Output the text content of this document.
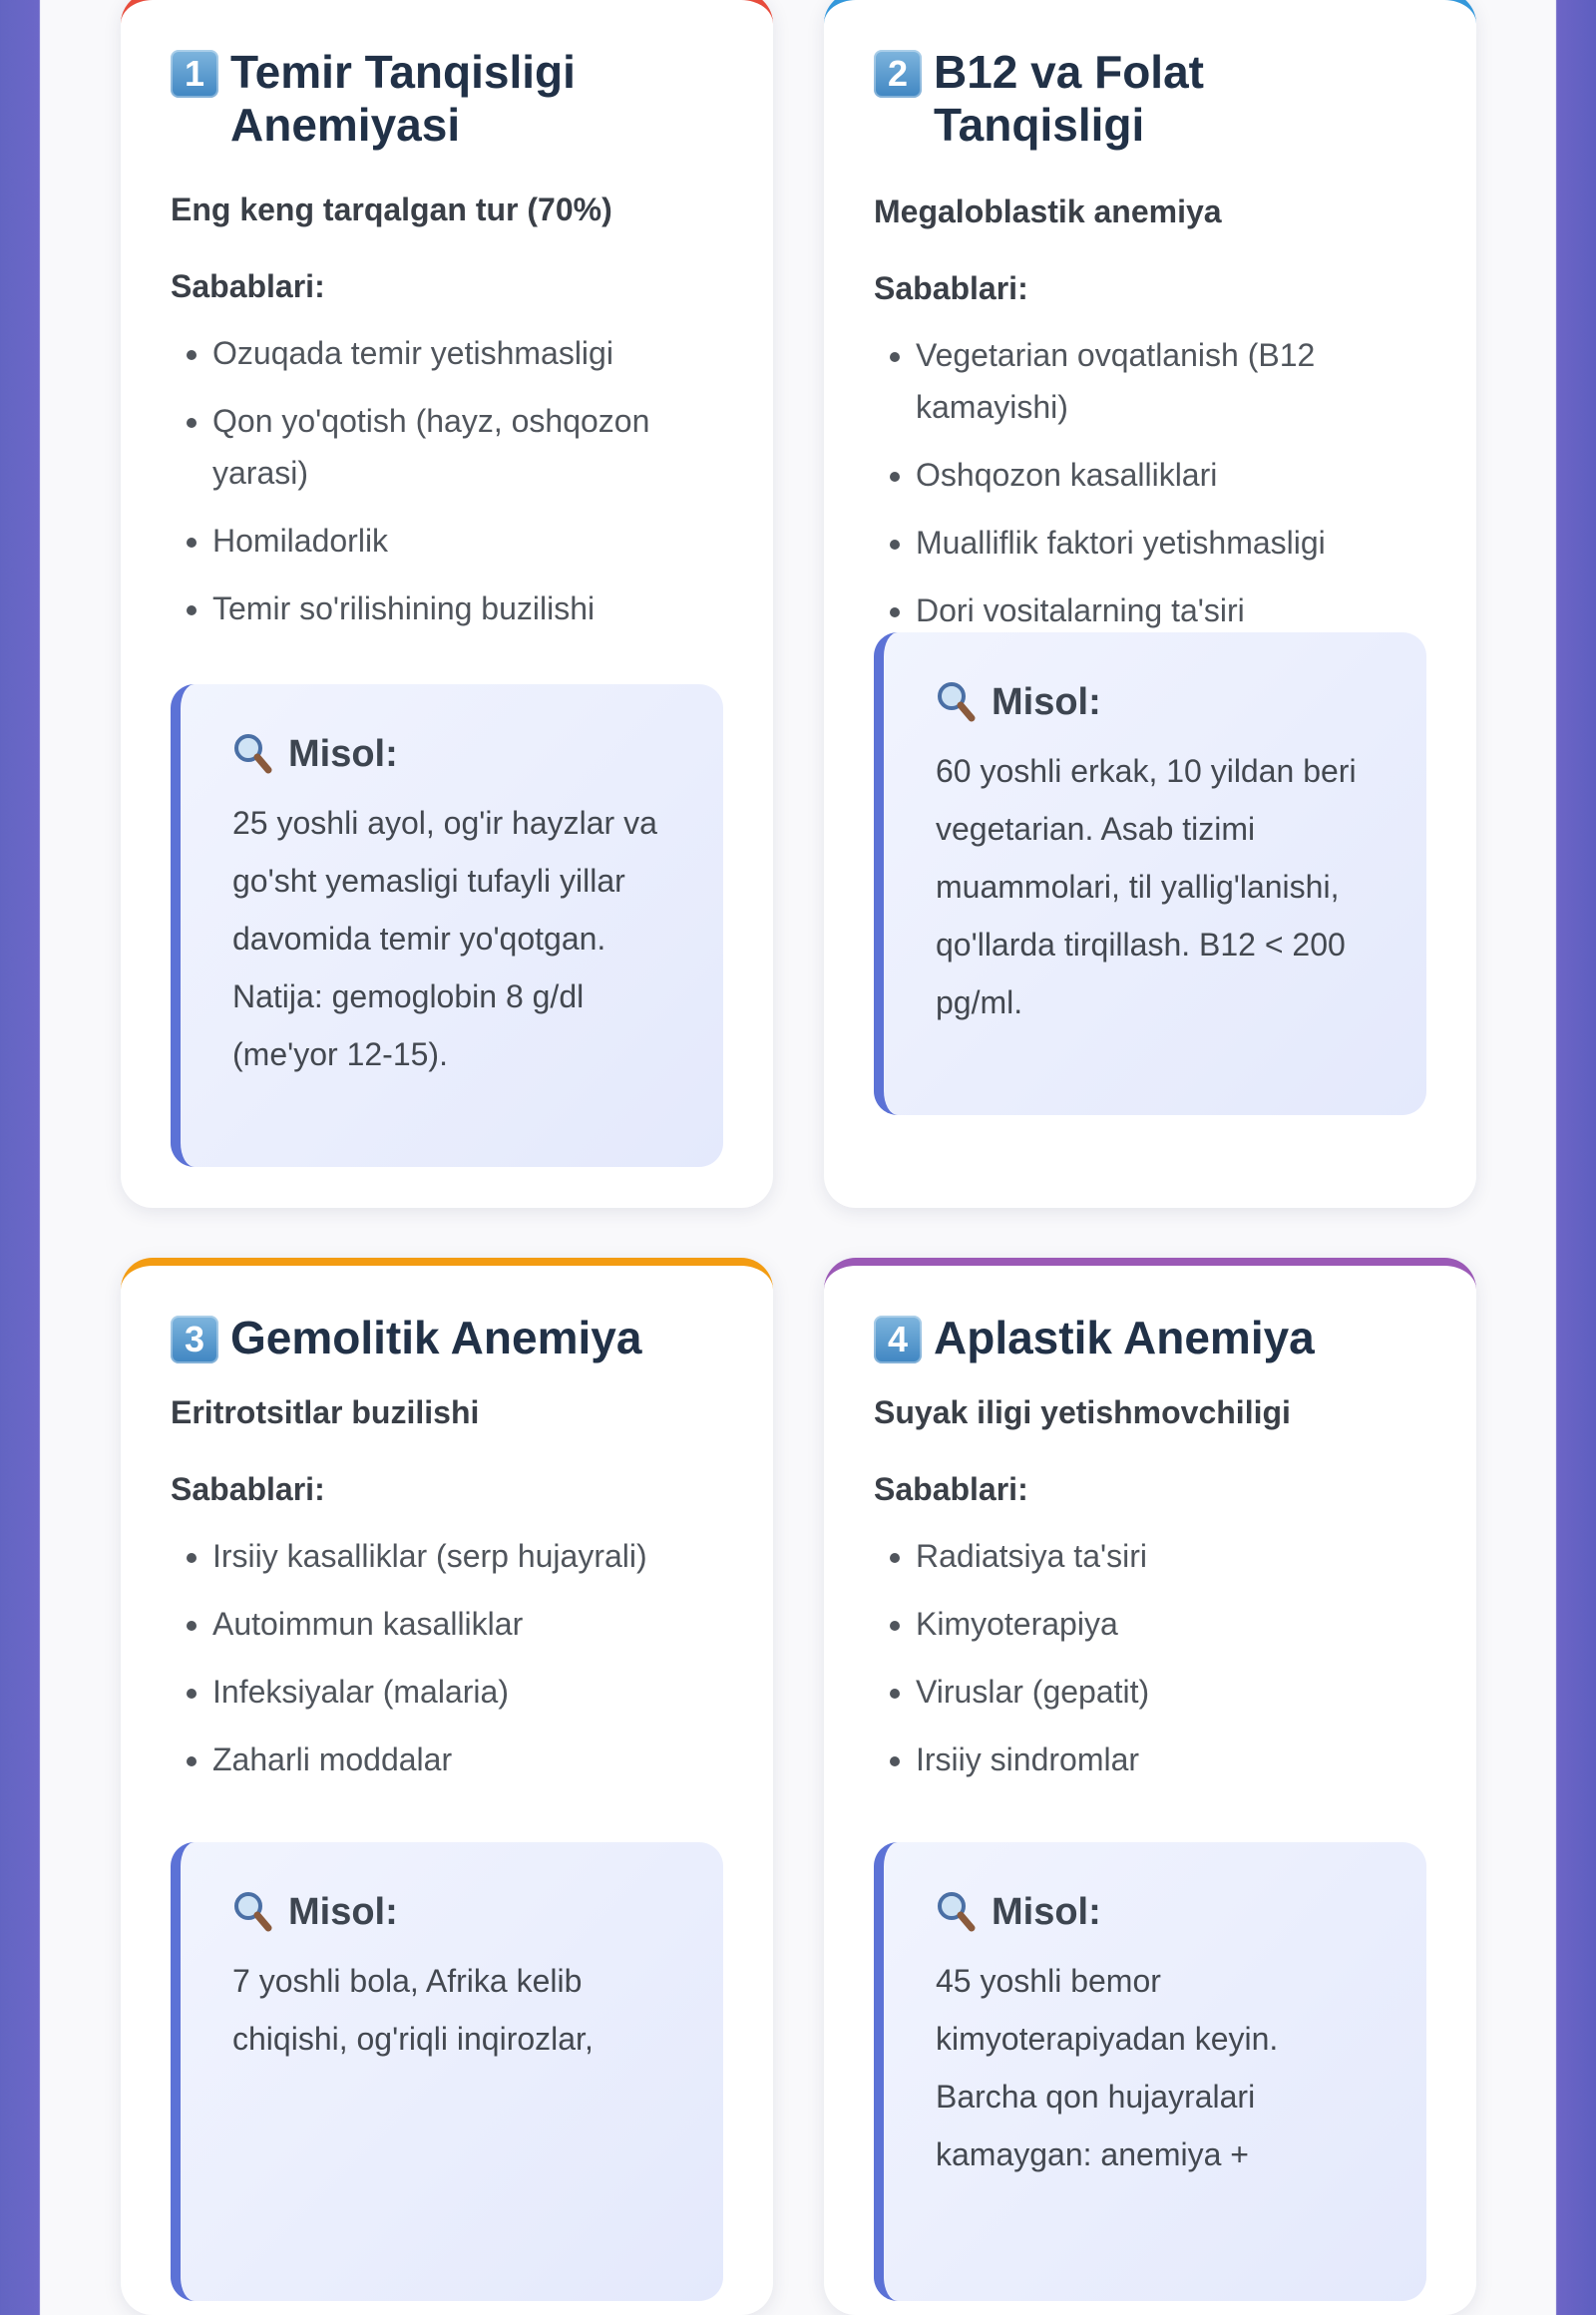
1 Temir Tanqisligi Anemiyasi
Eng keng tarqalgan tur (70%)
Sabablari:
• Ozuqada temir yetishmasligi
• Qon yo'qotish (hayz, oshqozon yarasi)
• Homiladorlik
• Temir so'rilishining buzilishi
Misol:
25 yoshli ayol, og'ir hayzlar va go'sht yemasligi tufayli yillar davomida temir yo'qotgan. Natija: gemoglobin 8 g/dl (me'yor 12-15).
2 B12 va Folat Tanqisligi
Megaloblastik anemiya
Sabablari:
• Vegetarian ovqatlanish (B12 kamayishi)
• Oshqozon kasalliklari
• Mualliflik faktori yetishmasligi
• Dori vositalarning ta'siri
Misol:
60 yoshli erkak, 10 yildan beri vegetarian. Asab tizimi muammolari, til yallig'lanishi, qo'llarda tirqillash. B12 < 200 pg/ml.
3 Gemolitik Anemiya
Eritrotsitlar buzilishi
Sabablari:
• Irsiiy kasalliklar (serp hujayrali)
• Autoimmun kasalliklar
• Infeksiyalar (malaria)
• Zaharli moddalar
Misol:
7 yoshli bola, Afrika kelib chiqishi, og'riqli inqirozlar,
4 Aplastik Anemiya
Suyak iligi yetishmovchiligi
Sabablari:
• Radiatsiya ta'siri
• Kimyoterapiya
• Viruslar (gepatit)
• Irsiiy sindromlar
Misol:
45 yoshli bemor kimyoterapiyadan keyin. Barcha qon hujayralari kamaygan: anemiya +
